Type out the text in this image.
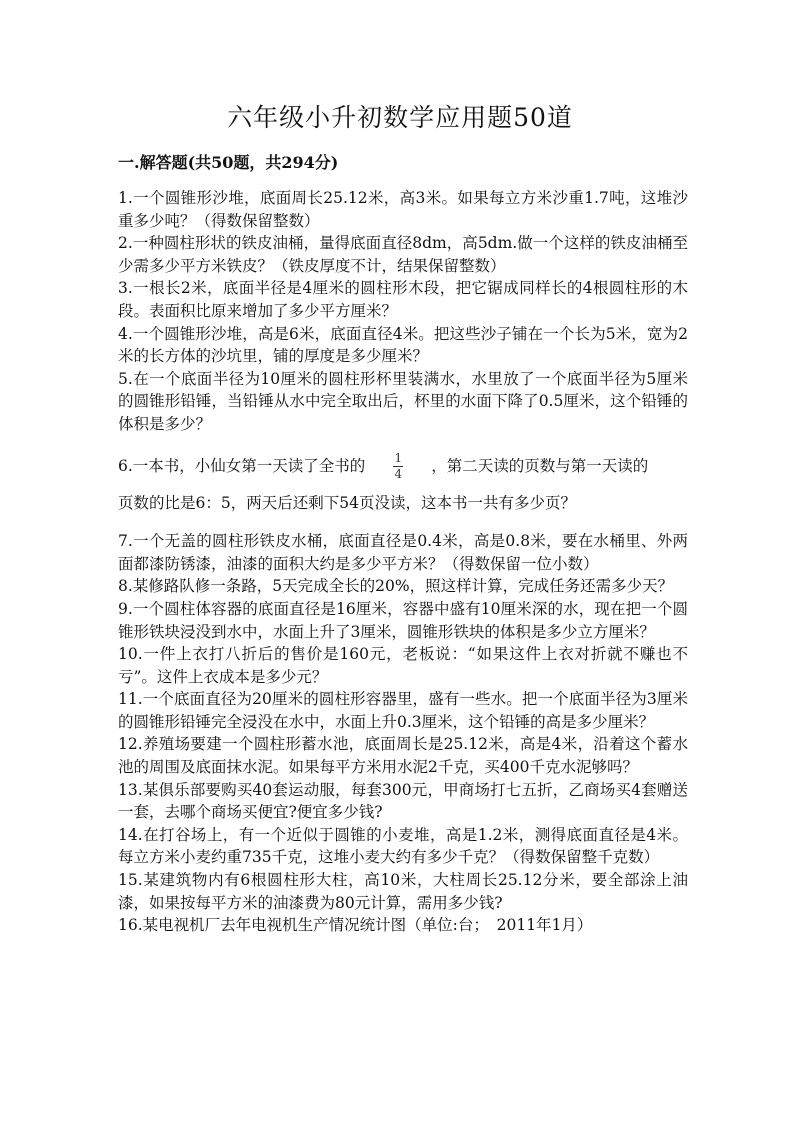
六年级小升初数学应用题50道
一.解答题(共50题，共294分)
1.一个圆锥形沙堆，底面周长25.12米，高3米。如果每立方米沙重1.7吨，这堆沙重多少吨？（得数保留整数）
2.一种圆柱形状的铁皮油桶，量得底面直径8dm，高5dm.做一个这样的铁皮油桶至少需多少平方米铁皮？（铁皮厚度不计，结果保留整数）
3.一根长2米，底面半径是4厘米的圆柱形木段，把它锯成同样长的4根圆柱形的木段。表面积比原来增加了多少平方厘米？
4.一个圆锥形沙堆，高是6米，底面直径4米。把这些沙子铺在一个长为5米，宽为2米的长方体的沙坑里，铺的厚度是多少厘米？
5.在一个底面半径为10厘米的圆柱形杯里装满水，水里放了一个底面半径为5厘米的圆锥形铅锤，当铅锤从水中完全取出后，杯里的水面下降了0.5厘米，这个铅锤的体积是多少？
6.一本书，小仙女第一天读了全书的 $\frac{1}{4}$ ，第二天读的页数与第一天读的
页数的比是6：5，两天后还剩下54页没读，这本书一共有多少页？
7.一个无盖的圆柱形铁皮水桶，底面直径是0.4米，高是0.8米，要在水桶里、外两面都漆防锈漆，油漆的面积大约是多少平方米？（得数保留一位小数）
8.某修路队修一条路，5天完成全长的20%，照这样计算，完成任务还需多少天？
9.一个圆柱体容器的底面直径是16厘米，容器中盛有10厘米深的水，现在把一个圆锥形铁块浸没到水中，水面上升了3厘米，圆锥形铁块的体积是多少立方厘米？
10.一件上衣打八折后的售价是160元，老板说：“如果这件上衣对折就不赚也不亏”。这件上衣成本是多少元？
11.一个底面直径为20厘米的圆柱形容器里，盛有一些水。把一个底面半径为3厘米的圆锥形铅锤完全浸没在水中，水面上升0.3厘米，这个铅锤的高是多少厘米？
12.养殖场要建一个圆柱形蓄水池，底面周长是25.12米，高是4米，沿着这个蓄水池的周围及底面抹水泥。如果每平方米用水泥2千克，买400千克水泥够吗？
13.某俱乐部要购买40套运动服，每套300元，甲商场打七五折，乙商场买4套赠送一套，去哪个商场买便宜?便宜多少钱?
14.在打谷场上，有一个近似于圆锥的小麦堆，高是1.2米，测得底面直径是4米。每立方米小麦约重735千克，这堆小麦大约有多少千克？（得数保留整千克数）
15.某建筑物内有6根圆柱形大柱，高10米，大柱周长25.12分米，要全部涂上油漆，如果按每平方米的油漆费为80元计算，需用多少钱?
16.某电视机厂去年电视机生产情况统计图（单位:台；　2011年1月）
